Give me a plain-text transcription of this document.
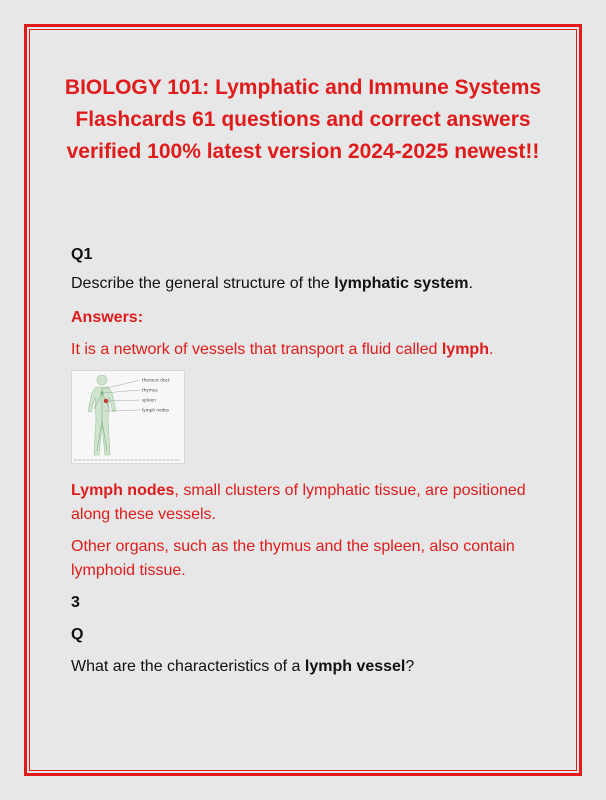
BIOLOGY 101: Lymphatic and Immune Systems Flashcards 61 questions and correct answers verified 100% latest version 2024-2025 newest!!

Q1

Describe the general structure of the lymphatic system.

Answers:

It is a network of vessels that transport a fluid called lymph.

thoracic duct
thymus
spleen
lymph nodes

Lymph nodes, small clusters of lymphatic tissue, are positioned along these vessels.

Other organs, such as the thymus and the spleen, also contain lymphoid tissue.

3

Q

What are the characteristics of a lymph vessel?
